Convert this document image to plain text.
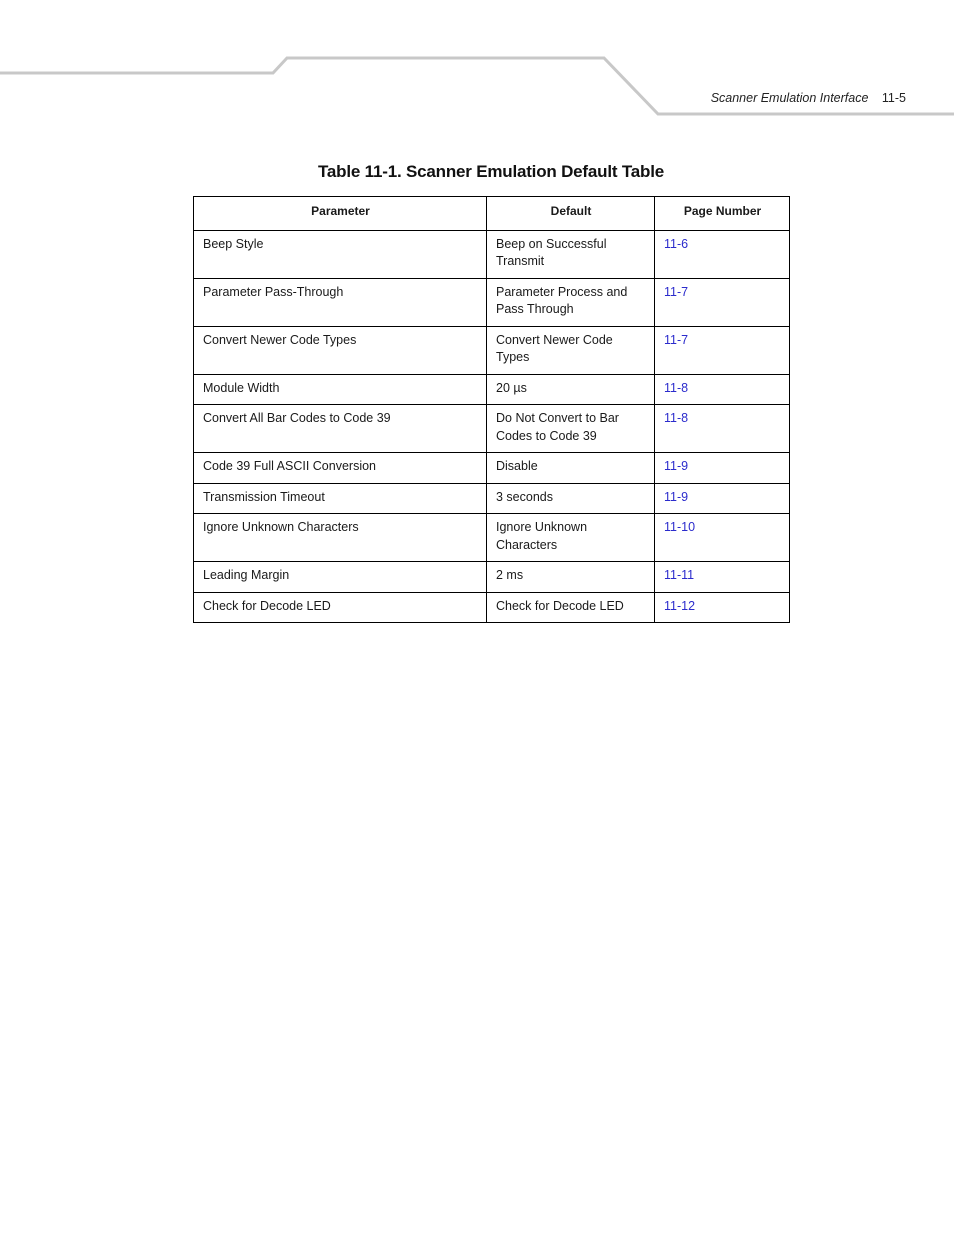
Scanner Emulation Interface 11-5
Table 11-1. Scanner Emulation Default Table
Parameter	Default	Page Number
Beep Style	Beep on Successful Transmit	11-6
Parameter Pass-Through	Parameter Process and Pass Through	11-7
Convert Newer Code Types	Convert Newer Code Types	11-7
Module Width	20 µs	11-8
Convert All Bar Codes to Code 39	Do Not Convert to Bar Codes to Code 39	11-8
Code 39 Full ASCII Conversion	Disable	11-9
Transmission Timeout	3 seconds	11-9
Ignore Unknown Characters	Ignore Unknown Characters	11-10
Leading Margin	2 ms	11-11
Check for Decode LED	Check for Decode LED	11-12
